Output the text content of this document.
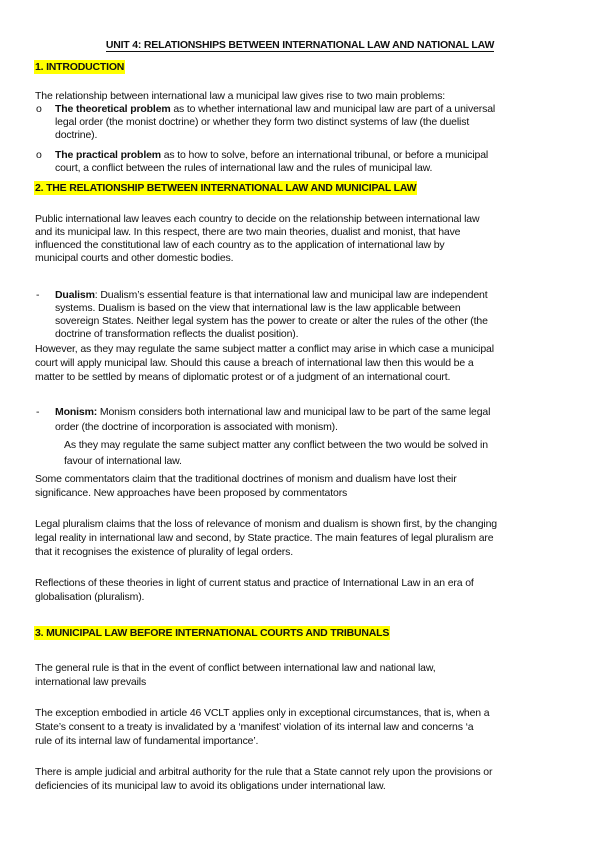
UNIT 4: RELATIONSHIPS BETWEEN INTERNATIONAL LAW AND NATIONAL LAW
1. INTRODUCTION
The relationship between international law a municipal law gives rise to two main problems:
o The theoretical problem as to whether international law and municipal law are part of a universal
legal order (the monist doctrine) or whether they form two distinct systems of law (the duelist
doctrine).
o The practical problem as to how to solve, before an international tribunal, or before a municipal
court, a conflict between the rules of international law and the rules of municipal law.
2. THE RELATIONSHIP BETWEEN INTERNATIONAL LAW AND MUNICIPAL LAW
Public international law leaves each country to decide on the relationship between international law
and its municipal law. In this respect, there are two main theories, dualist and monist, that have
influenced the constitutional law of each country as to the application of international law by
municipal courts and other domestic bodies.
- Dualism: Dualism’s essential feature is that international law and municipal law are independent
systems. Dualism is based on the view that international law is the law applicable between
sovereign States. Neither legal system has the power to create or alter the rules of the other (the
doctrine of transformation reflects the dualist position).
However, as they may regulate the same subject matter a conflict may arise in which case a municipal
court will apply municipal law. Should this cause a breach of international law then this would be a
matter to be settled by means of diplomatic protest or of a judgment of an international court.
- Monism: Monism considers both international law and municipal law to be part of the same legal
order (the doctrine of incorporation is associated with monism).
As they may regulate the same subject matter any conflict between the two would be solved in
favour of international law.
Some commentators claim that the traditional doctrines of monism and dualism have lost their
significance. New approaches have been proposed by commentators
Legal pluralism claims that the loss of relevance of monism and dualism is shown first, by the changing
legal reality in international law and second, by State practice. The main features of legal pluralism are
that it recognises the existence of plurality of legal orders.
Reflections of these theories in light of current status and practice of International Law in an era of
globalisation (pluralism).
3. MUNICIPAL LAW BEFORE INTERNATIONAL COURTS AND TRIBUNALS
The general rule is that in the event of conflict between international law and national law,
international law prevails
The exception embodied in article 46 VCLT applies only in exceptional circumstances, that is, when a
State’s consent to a treaty is invalidated by a ‘manifest’ violation of its internal law and concerns ‘a
rule of its internal law of fundamental importance’.
There is ample judicial and arbitral authority for the rule that a State cannot rely upon the provisions or
deficiencies of its municipal law to avoid its obligations under international law.
